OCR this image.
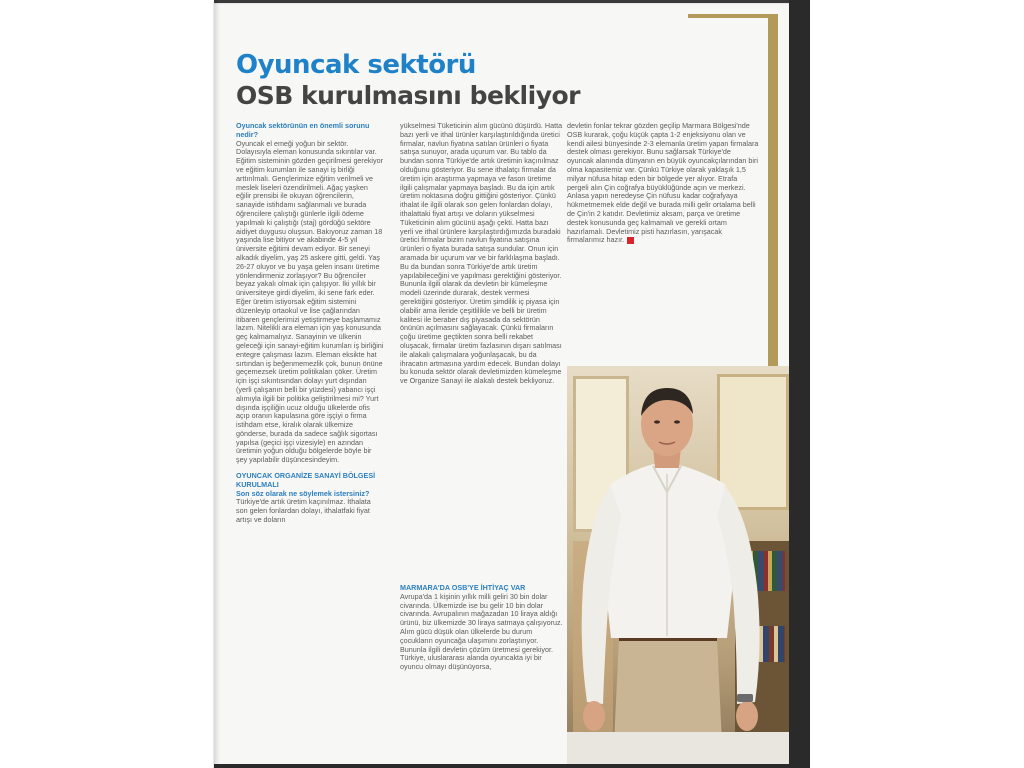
Oyuncak sektörü
OSB kurulmasını bekliyor

Oyuncak sektörünün en önemli sorunu nedir?

Oyuncak el emeği yoğun bir sektör. Dolayısıyla eleman konusunda sıkıntılar var. Eğitim sisteminin gözden geçirilmesi gerekiyor ve eğitim kurumları ile sanayi iş birliği arttırılmalı. Gençlerimize eğitim verilmeli ve meslek liseleri özendirilmeli. Ağaç yaşken eğilir prensibi ile okuyan öğrencilerin, sanayide istihdamı sağlanmalı ve burada öğrencilere çalıştığı günlerle ilgili ödeme yapılmalı ki çalıştığı (staj) gördüğü sektöre aidiyet duygusu oluşsun. Bakıyoruz zaman 18 yaşında lise bitiyor ve akabinde 4-5 yıl üniversite eğitimi devam ediyor. Bir seneyi alkadık diyelim, yaş 25 askere gitti, geldi. Yaş 26-27 oluyor ve bu yaşa gelen insanı üretime yönlendirmeniz zorlaşıyor? Bu öğrenciler beyaz yakalı olmak için çalışıyor. İki yıllık bir üniversiteye girdi diyelim, iki sene fark eder. Eğer üretim istiyorsak eğitim sistemini düzenleyip ortaokul ve lise çağlarından itibaren gençlerimizi yetiştirmeye başlamamız lazım. Nitelikli ara eleman için yaş konusunda geç kalmamalıyız. Sanayinin ve ülkenin geleceği için sanayi-eğitim kurumları iş birliğini entegre çalışması lazım. Eleman eksikte hat sırtından iş beğenmemezlik çok, bunun önüne geçemezsek üretim politikaları çöker. Üretim için işçi sıkıntısından dolayı yurt dışından (yerli çalışanın belli bir yüzdesi) yabancı işçi alımıyla ilgili bir politika geliştirilmesi mi? Yurt dışında işçiliğin ucuz olduğu ülkelerde ofis açıp oranın kapulasına göre işçiyi o firma istihdam etse, kiralık olarak ülkemize gönderse, burada da sadece sağlık sigortası yapılsa (geçici işçi vizesiyle) en azından üretimin yoğun olduğu bölgelerde böyle bir şey yapılabilir düşüncesindeyim.

OYUNCAK ORGANİZE SANAYİ BÖLGESİ KURULMALI

Son söz olarak ne söylemek istersiniz?

Türkiye'de artık üretim kaçınılmaz. İthalata son gelen fonlardan dolayı, ithalatfaki fiyat artışı ve doların

yükselmesi Tüketicinin alım gücünü düşürdü. Hatta bazı yerli ve ithal ürünler karşılaştırıldığında üretici firmalar, navlun fiyatına satılan ürünleri o fiyata satışa sunuyor, arada uçurum var. Bu tablo da bundan sonra Türkiye'de artık üretimin kaçınılmaz olduğunu gösteriyor. Bu sene ithalatçı firmalar da üretim için araştırma yapmaya ve fason üretime ilgili çalışmalar yapmaya başladı. Bu da için artık üretim noktasına doğru gittiğini gösteriyor. Çünkü ithalat ile ilgili olarak son gelen fonlardan dolayı, ithalattaki fiyat artışı ve doların yükselmesi Tüketicinin alım gücünü aşağı çekti. Hatta bazı yerli ve ithal ürünlere karşılaştırdığımızda buradaki üretici firmalar bizim navlun fiyatına satışına ürünleri o fiyata burada satışa sundular. Onun için aramada bir uçurum var ve bir farklılaşma başladı. Bu da bundan sonra Türkiye'de artık üretim yapılabileceğini ve yapılması gerektiğini gösteriyor. Bununla ilgili olarak da devletin bir kümeleşme modeli üzerinde durarak, destek vermesi gerektiğini gösteriyor. Üretim şimdilik iç piyasa için olabilir ama ileride çeşitlilikle ve belli bir üretim kalitesi ile beraber dış piyasada da sektörün önünün açılmasını sağlayacak. Çünkü firmaların çoğu üretime geçtikten sonra belli rekabet oluşacak, firmalar üretim fazlasının dışarı satılması ile alakalı çalışmalara yoğunlaşacak, bu da ihracatın artmasına yardım edecek. Bundan dolayı bu konuda sektör olarak devletimizden kümeleşme ve Organize Sanayi ile alakalı destek bekliyoruz.

MARMARA'DA OSB'YE İHTİYAÇ VAR

Avrupa'da 1 kişinin yıllık milli geliri 30 bin dolar civarında. Ülkemizde ise bu gelir 10 bin dolar civarında. Avrupalının mağazadan 10 liraya aldığı ürünü, biz ülkemizde 30 liraya satmaya çalışıyoruz. Alım gücü düşük olan ülkelerde bu durum çocukların oyuncağa ulaşımını zorlaştırıyor. Bununla ilgili devletin çözüm üretmesi gerekiyor. Türkiye, uluslararası alanda oyuncakta iyi bir oyuncu olmayı düşünüyorsa,

devletin fonlar tekrar gözden geçilip Marmara Bölgesi'nde OSB kurarak, çoğu küçük çapta 1-2 enjeksiyonu olan ve kendi ailesi bünyesinde 2-3 elemanla üretim yapan firmalara destek olması gerekiyor. Bunu sağlarsak Türkiye'de oyuncak alanında dünyanın en büyük oyuncakçılarından biri olma kapasitemiz var. Çünkü Türkiye olarak yaklaşık 1,5 milyar nüfusa hitap eden bir bölgede yer alıyor. Etrafa pergeli alın Çin coğrafya büyüklüğünde açın ve merkezi. Anlasa yapın neredeyse Çin nüfusu kadar coğrafyaya hükmetmemek elde değil ve burada milli gelir ortalama belli de Çin'in 2 katıdır. Devletimiz aksam, parça ve üretime destek konusunda geç kalmamalı ve gerekli ortam hazırlamalı. Devletimiz pisti hazırlasın, yarışacak firmalarımız hazır.
